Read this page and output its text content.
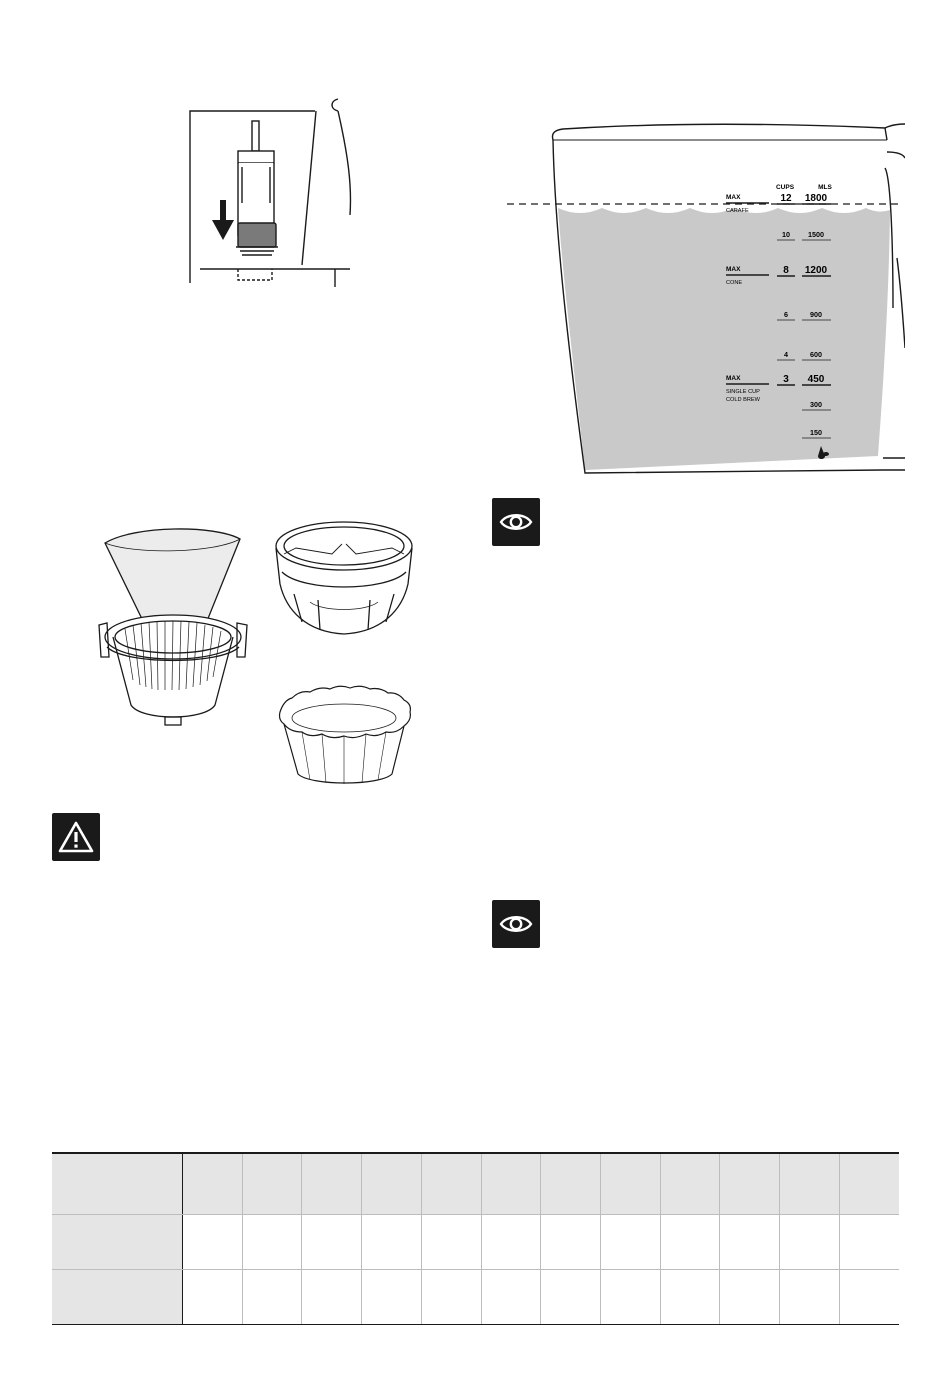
CUPS	MLS
MAX
CARAFE
12 1800
10	1500
MAX
CONE
8 1200
6	900
4	600
MAX
SINGLE CUP
COLD BREW
3 450
300
150
